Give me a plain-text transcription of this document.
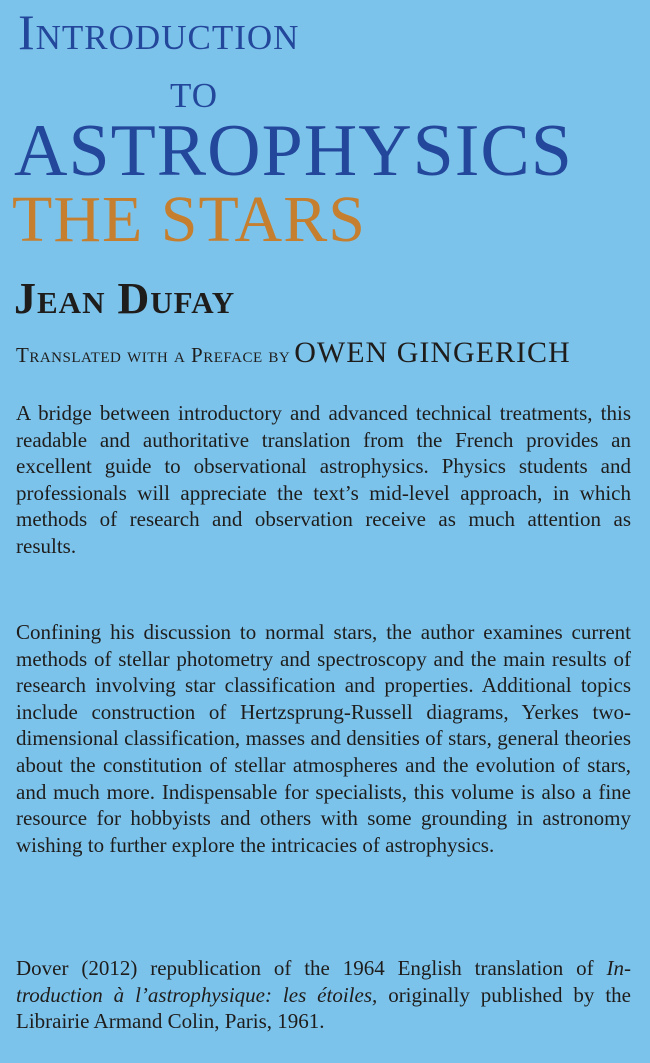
Introduction
to
ASTROPHYSICS
THE STARS
Jean Dufay
Translated with a Preface by OWEN GINGERICH

A bridge between introductory and advanced technical treatments, this readable and authoritative translation from the French provides an excellent guide to observational astrophysics. Physics students and professionals will appreciate the text’s mid-level approach, in which methods of research and observation receive as much attention as results.

Confining his discussion to normal stars, the author examines current methods of stellar photometry and spectroscopy and the main results of research involving star classification and properties. Additional topics include construction of Hertzsprung-Russell diagrams, Yerkes two-dimensional classification, masses and densities of stars, general theories about the constitution of stellar atmospheres and the evolution of stars, and much more. Indispensable for specialists, this volume is also a fine resource for hobbyists and others with some grounding in astronomy wishing to further explore the intricacies of astrophysics.

Dover (2012) republication of the 1964 English translation of Introduction à l’astrophysique: les étoiles, originally published by the Librairie Armand Colin, Paris, 1961.
